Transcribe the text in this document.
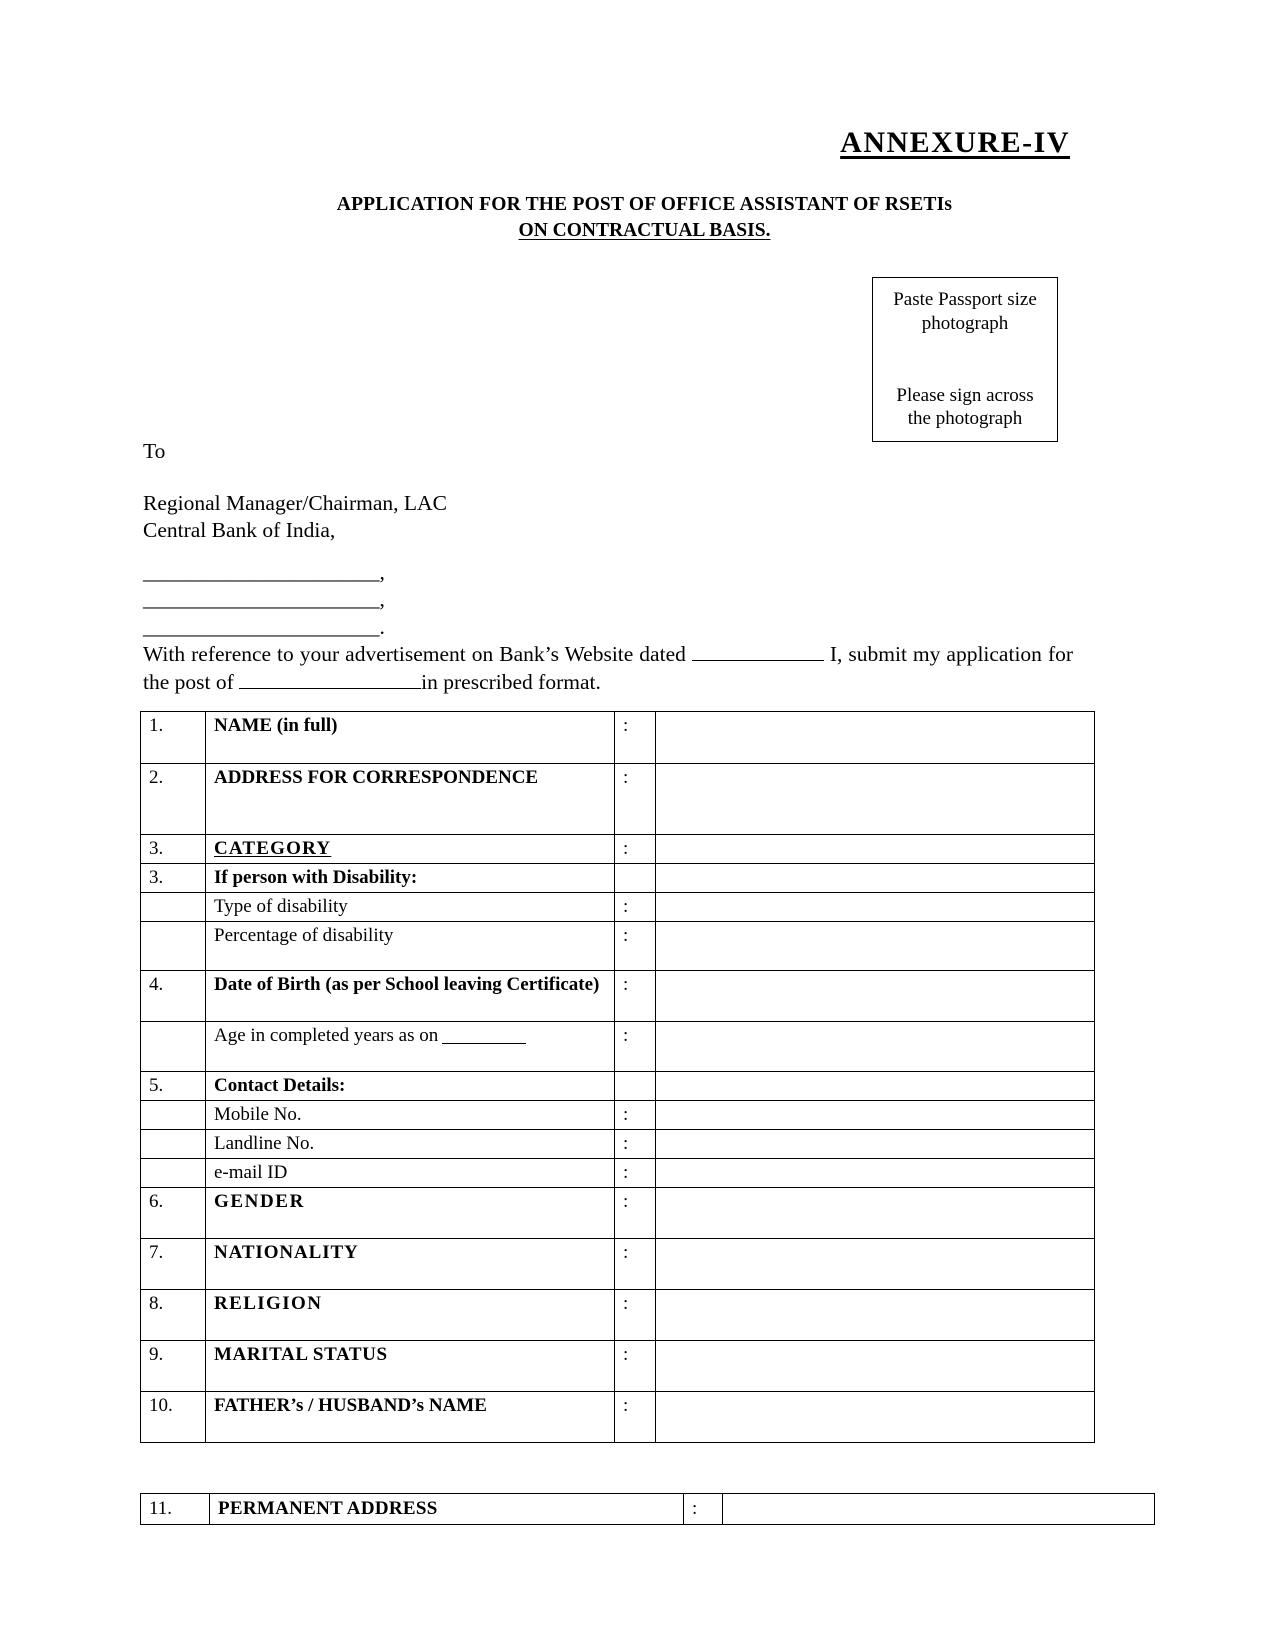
ANNEXURE-IV
APPLICATION FOR THE POST OF OFFICE ASSISTANT OF RSETIs
ON CONTRACTUAL BASIS.
Paste Passport size
photograph
Please sign across
the photograph
To
Regional Manager/Chairman, LAC
Central Bank of India,
______________________,
______________________,
______________________.
With reference to your advertisement on Bank’s Website dated	I, submit my application for the post of	in prescribed format.
1.	NAME (in full)	:	
2.	ADDRESS FOR CORRESPONDENCE	:	
3.	CATEGORY	:	
3.	If person with Disability:		
	Type of disability	:	
	Percentage of disability	:	
4.	Date of Birth (as per School leaving Certificate)	:	
	Age in completed years as on	:	
5.	Contact Details:		
	Mobile No.	:	
	Landline No.	:	
	e-mail ID	:	
6.	GENDER	:	
7.	NATIONALITY	:	
8.	RELIGION	:	
9.	MARITAL STATUS	:	
10.	FATHER’s / HUSBAND’s NAME	:	
11.	PERMANENT ADDRESS	:	
